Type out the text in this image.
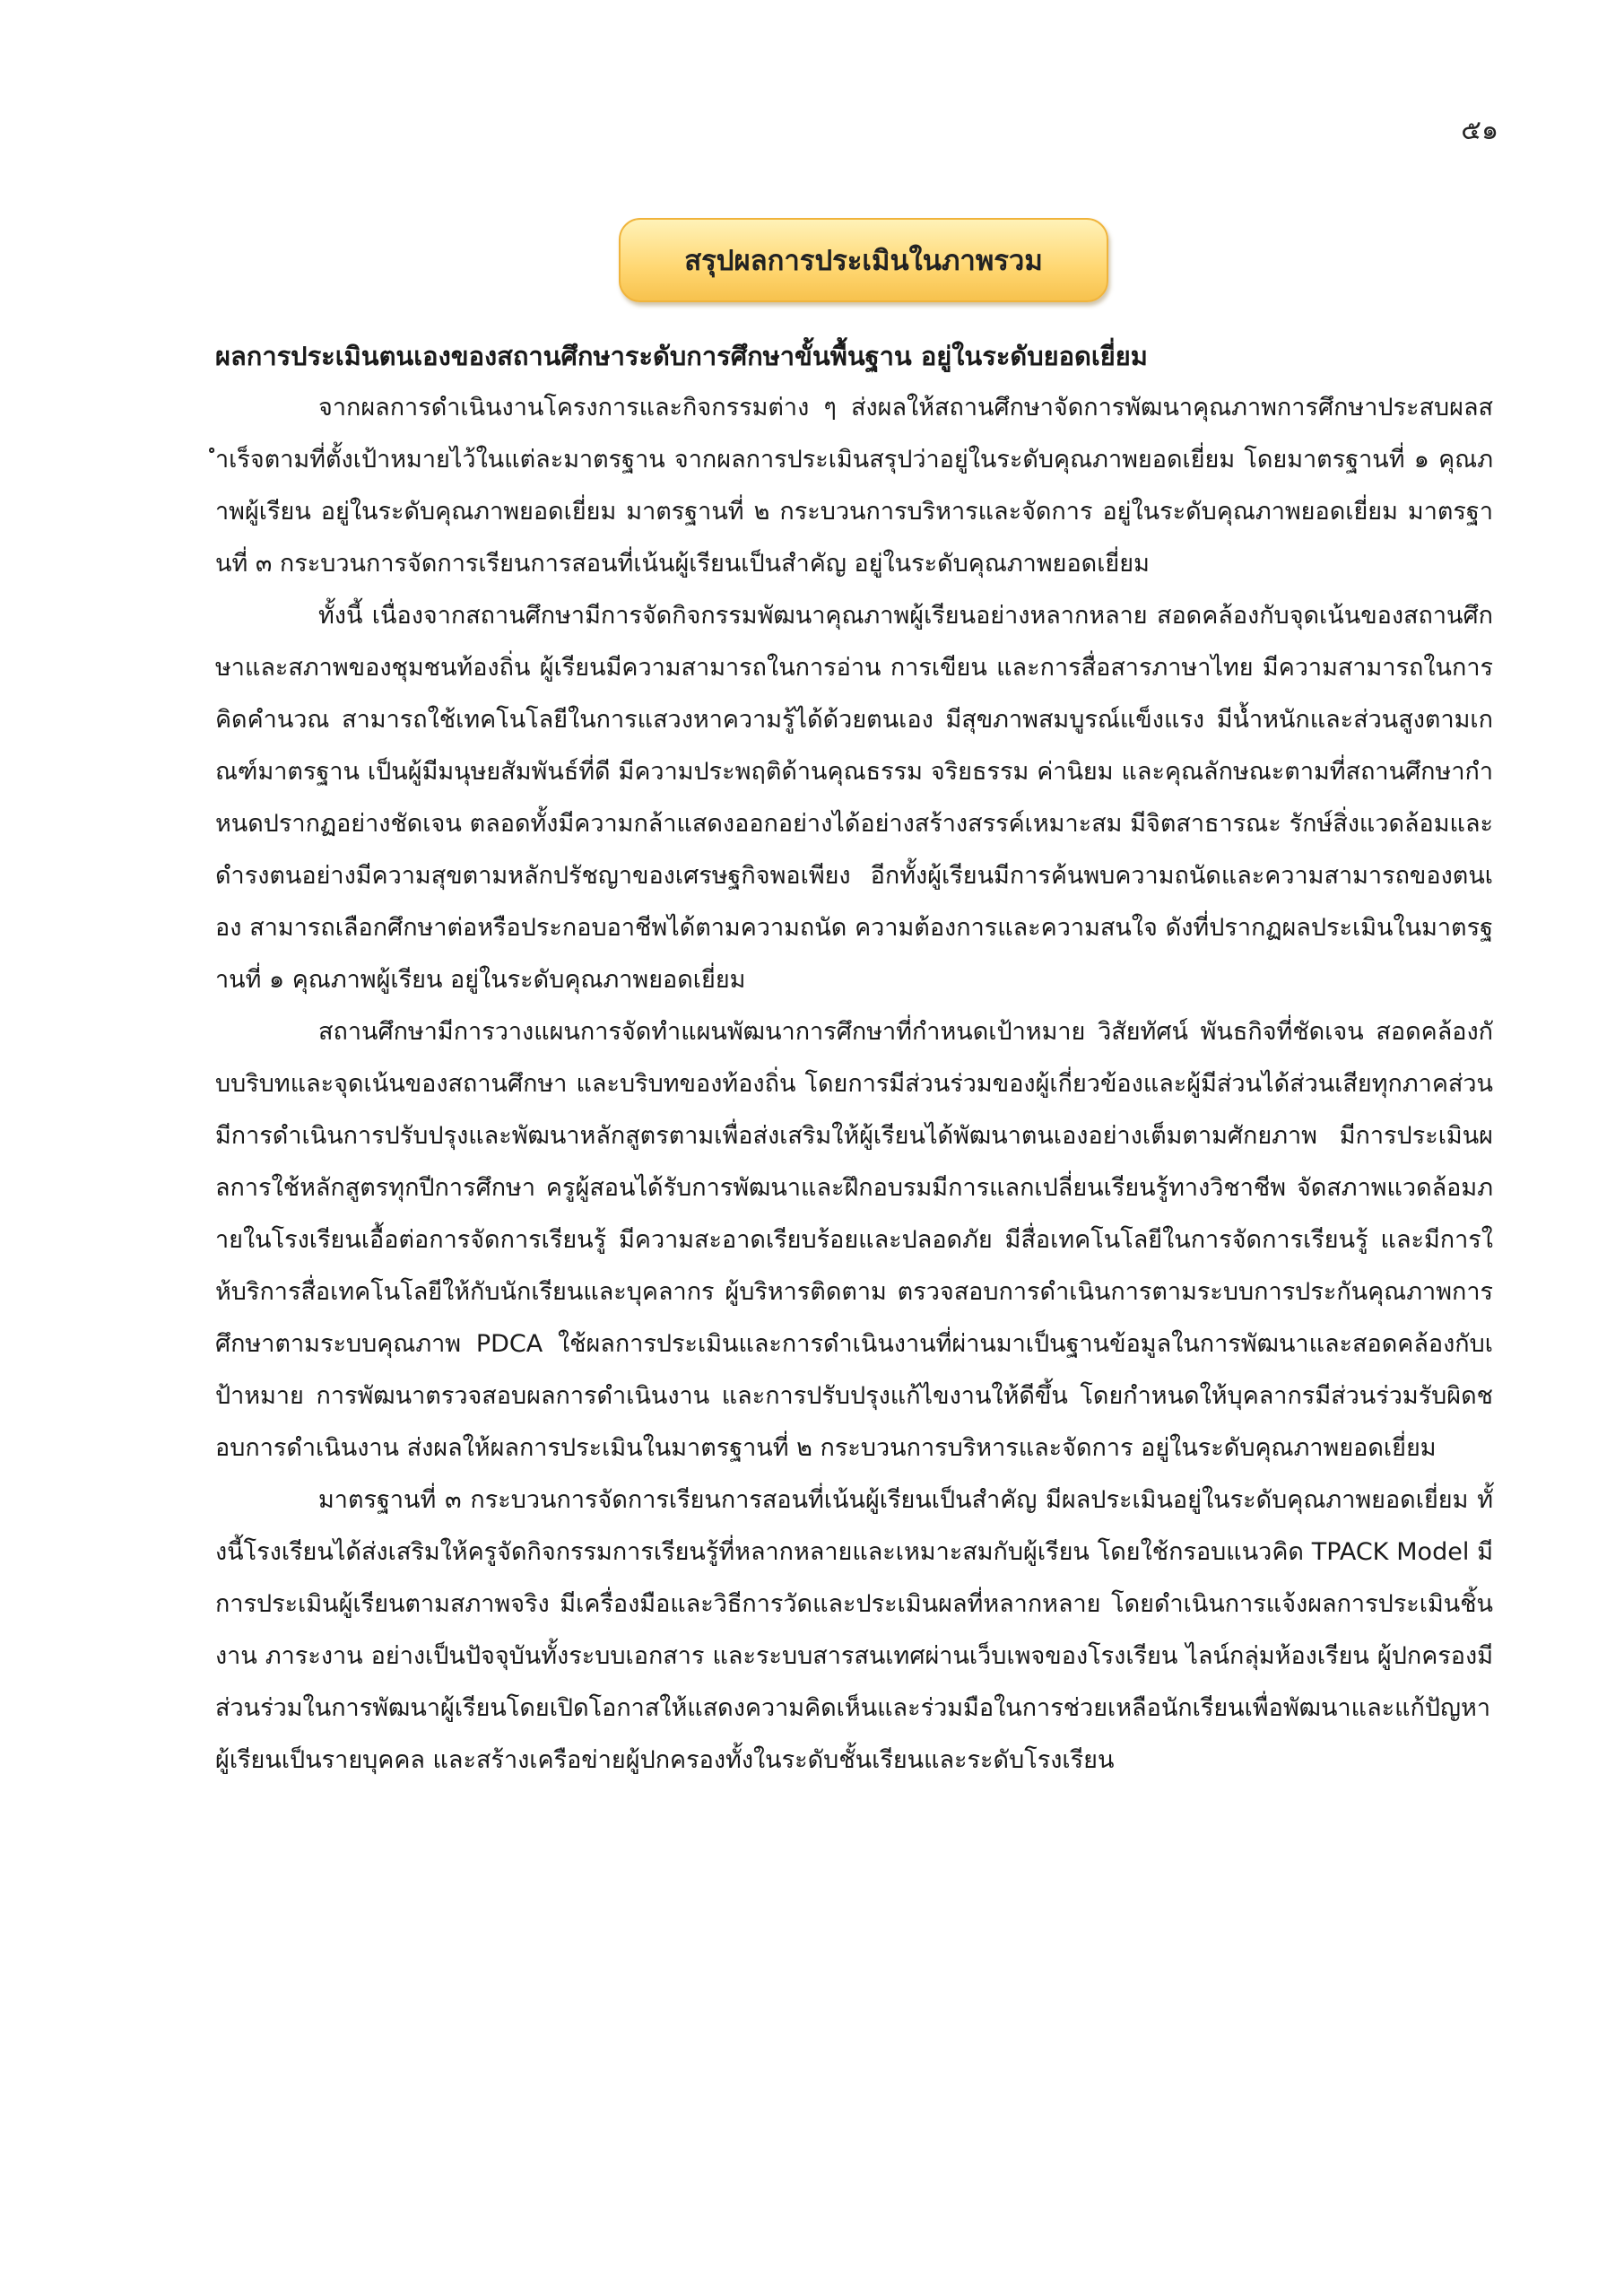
๕๑
สรุปผลการประเมินในภาพรวม

ผลการประเมินตนเองของสถานศึกษาระดับการศึกษาขั้นพื้นฐาน อยู่ในระดับยอดเยี่ยม

จากผลการดำเนินงานโครงการและกิจกรรมต่าง ๆ ส่งผลให้สถานศึกษาจัดการพัฒนาคุณภาพการศึกษาประสบผลสำเร็จตามที่ตั้งเป้าหมายไว้ในแต่ละมาตรฐาน จากผลการประเมินสรุปว่าอยู่ในระดับคุณภาพยอดเยี่ยม โดยมาตรฐานที่ ๑ คุณภาพผู้เรียน อยู่ในระดับคุณภาพยอดเยี่ยม มาตรฐานที่ ๒ กระบวนการบริหารและจัดการ อยู่ในระดับคุณภาพยอดเยี่ยม มาตรฐานที่ ๓ กระบวนการจัดการเรียนการสอนที่เน้นผู้เรียนเป็นสำคัญ อยู่ในระดับคุณภาพยอดเยี่ยม

ทั้งนี้ เนื่องจากสถานศึกษามีการจัดกิจกรรมพัฒนาคุณภาพผู้เรียนอย่างหลากหลาย สอดคล้องกับจุดเน้นของสถานศึกษาและสภาพของชุมชนท้องถิ่น ผู้เรียนมีความสามารถในการอ่าน การเขียน และการสื่อสารภาษาไทย มีความสามารถในการคิดคำนวณ สามารถใช้เทคโนโลยีในการแสวงหาความรู้ได้ด้วยตนเอง มีสุขภาพสมบูรณ์แข็งแรง มีน้ำหนักและส่วนสูงตามเกณฑ์มาตรฐาน เป็นผู้มีมนุษยสัมพันธ์ที่ดี มีความประพฤติด้านคุณธรรม จริยธรรม ค่านิยม และคุณลักษณะตามที่สถานศึกษากำหนดปรากฏอย่างชัดเจน ตลอดทั้งมีความกล้าแสดงออกอย่างได้อย่างสร้างสรรค์เหมาะสม มีจิตสาธารณะ รักษ์สิ่งแวดล้อมและดำรงตนอย่างมีความสุขตามหลักปรัชญาของเศรษฐกิจพอเพียง อีกทั้งผู้เรียนมีการค้นพบความถนัดและความสามารถของตนเอง สามารถเลือกศึกษาต่อหรือประกอบอาชีพได้ตามความถนัด ความต้องการและความสนใจ ดังที่ปรากฏผลประเมินในมาตรฐานที่ ๑ คุณภาพผู้เรียน อยู่ในระดับคุณภาพยอดเยี่ยม

สถานศึกษามีการวางแผนการจัดทำแผนพัฒนาการศึกษาที่กำหนดเป้าหมาย วิสัยทัศน์ พันธกิจที่ชัดเจน สอดคล้องกับบริบทและจุดเน้นของสถานศึกษา และบริบทของท้องถิ่น โดยการมีส่วนร่วมของผู้เกี่ยวข้องและผู้มีส่วนได้ส่วนเสียทุกภาคส่วน มีการดำเนินการปรับปรุงและพัฒนาหลักสูตรตามเพื่อส่งเสริมให้ผู้เรียนได้พัฒนาตนเองอย่างเต็มตามศักยภาพ มีการประเมินผลการใช้หลักสูตรทุกปีการศึกษา ครูผู้สอนได้รับการพัฒนาและฝึกอบรมมีการแลกเปลี่ยนเรียนรู้ทางวิชาชีพ จัดสภาพแวดล้อมภายในโรงเรียนเอื้อต่อการจัดการเรียนรู้ มีความสะอาดเรียบร้อยและปลอดภัย มีสื่อเทคโนโลยีในการจัดการเรียนรู้ และมีการให้บริการสื่อเทคโนโลยีให้กับนักเรียนและบุคลากร ผู้บริหารติดตาม ตรวจสอบการดำเนินการตามระบบการประกันคุณภาพการศึกษาตามระบบคุณภาพ PDCA ใช้ผลการประเมินและการดำเนินงานที่ผ่านมาเป็นฐานข้อมูลในการพัฒนาและสอดคล้องกับเป้าหมาย การพัฒนาตรวจสอบผลการดำเนินงาน และการปรับปรุงแก้ไขงานให้ดีขึ้น โดยกำหนดให้บุคลากรมีส่วนร่วมรับผิดชอบการดำเนินงาน ส่งผลให้ผลการประเมินในมาตรฐานที่ ๒ กระบวนการบริหารและจัดการ อยู่ในระดับคุณภาพยอดเยี่ยม

มาตรฐานที่ ๓ กระบวนการจัดการเรียนการสอนที่เน้นผู้เรียนเป็นสำคัญ มีผลประเมินอยู่ในระดับคุณภาพยอดเยี่ยม ทั้งนี้โรงเรียนได้ส่งเสริมให้ครูจัดกิจกรรมการเรียนรู้ที่หลากหลายและเหมาะสมกับผู้เรียน โดยใช้กรอบแนวคิด TPACK Model มีการประเมินผู้เรียนตามสภาพจริง มีเครื่องมือและวิธีการวัดและประเมินผลที่หลากหลาย โดยดำเนินการแจ้งผลการประเมินชิ้นงาน ภาระงาน อย่างเป็นปัจจุบันทั้งระบบเอกสาร และระบบสารสนเทศผ่านเว็บเพจของโรงเรียน ไลน์กลุ่มห้องเรียน ผู้ปกครองมีส่วนร่วมในการพัฒนาผู้เรียนโดยเปิดโอกาสให้แสดงความคิดเห็นและร่วมมือในการช่วยเหลือนักเรียนเพื่อพัฒนาและแก้ปัญหาผู้เรียนเป็นรายบุคคล และสร้างเครือข่ายผู้ปกครองทั้งในระดับชั้นเรียนและระดับโรงเรียน
